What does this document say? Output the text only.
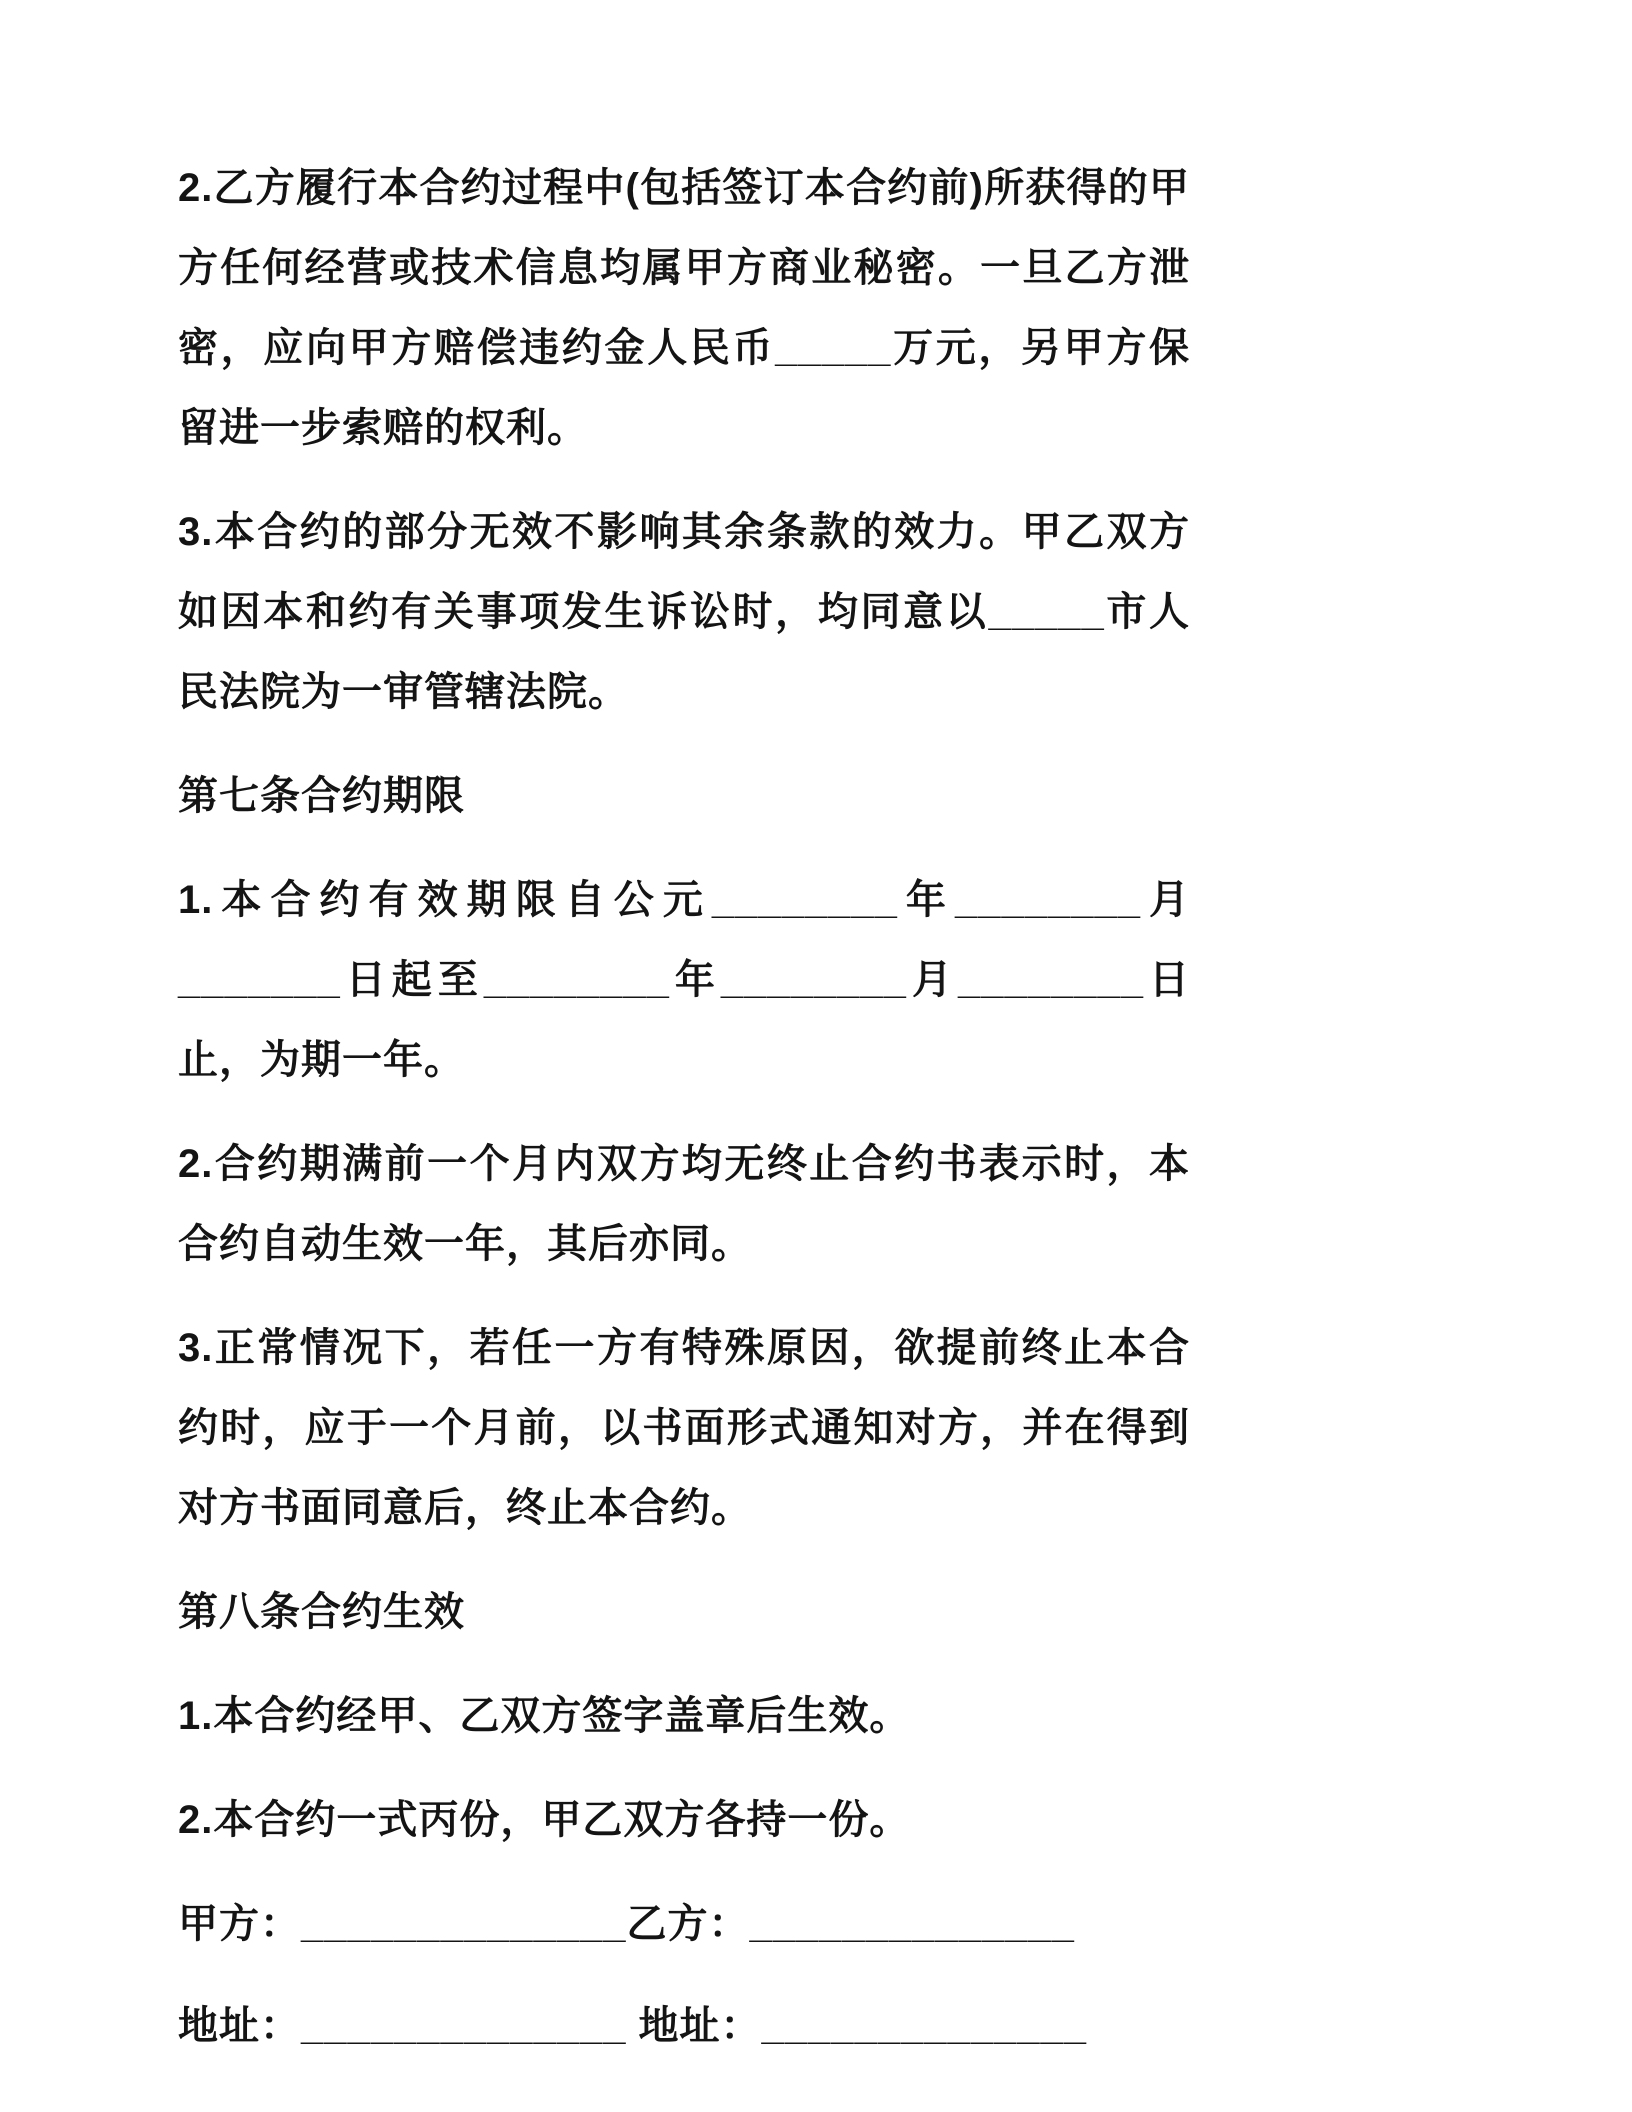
2.乙方履行本合约过程中(包括签订本合约前)所获得的甲方任何经营或技术信息均属甲方商业秘密。一旦乙方泄密，应向甲方赔偿违约金人民币_____万元，另甲方保留进一步索赔的权利。

3.本合约的部分无效不影响其余条款的效力。甲乙双方如因本和约有关事项发生诉讼时，均同意以_____市人民法院为一审管辖法院。

第七条合约期限

1.本合约有效期限自公元________年________月_______日起至________年________月________日止，为期一年。

2.合约期满前一个月内双方均无终止合约书表示时，本合约自动生效一年，其后亦同。

3.正常情况下，若任一方有特殊原因，欲提前终止本合约时，应于一个月前，以书面形式通知对方，并在得到对方书面同意后，终止本合约。

第八条合约生效

1.本合约经甲、乙双方签字盖章后生效。

2.本合约一式丙份，甲乙双方各持一份。

甲方：______________乙方：______________

地址：______________ 地址：______________
